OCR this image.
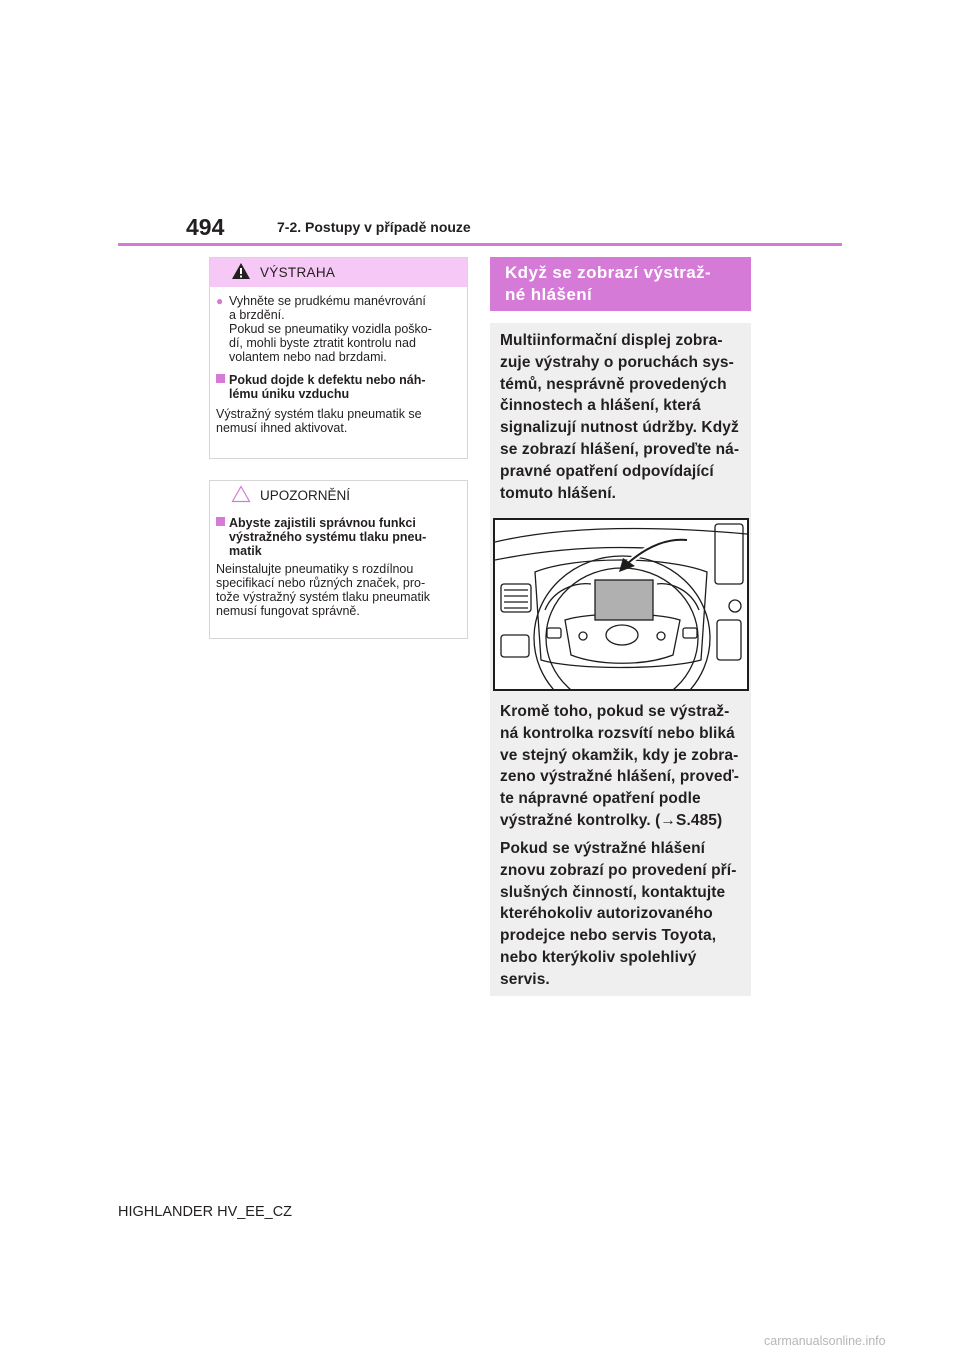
494	7-2. Postupy v případě nouze
VÝSTRAHA
● Vyhněte se prudkému manévrování
a brzdění.
Pokud se pneumatiky vozidla poško-
dí, mohli byste ztratit kontrolu nad
volantem nebo nad brzdami.
Pokud dojde k defektu nebo náh-
lému úniku vzduchu
Výstražný systém tlaku pneumatik se
nemusí ihned aktivovat.
UPOZORNĚNÍ
Abyste zajistili správnou funkci
výstražného systému tlaku pneu-
matik
Neinstalujte pneumatiky s rozdílnou
specifikací nebo různých značek, pro-
tože výstražný systém tlaku pneumatik
nemusí fungovat správně.
Když se zobrazí výstraž-
né hlášení
Multiinformační displej zobra-
zuje výstrahy o poruchách sys-
témů, nesprávně provedených
činnostech a hlášení, která
signalizují nutnost údržby. Když
se zobrazí hlášení, proveďte ná-
pravné opatření odpovídající
tomuto hlášení.
Kromě toho, pokud se výstraž-
ná kontrolka rozsvítí nebo bliká
ve stejný okamžik, kdy je zobra-
zeno výstražné hlášení, proveď-
te nápravné opatření podle
výstražné kontrolky. (→S.485)
Pokud se výstražné hlášení
znovu zobrazí po provedení pří-
slušných činností, kontaktujte
kteréhokoliv autorizovaného
prodejce nebo servis Toyota,
nebo kterýkoliv spolehlivý
servis.
HIGHLANDER HV_EE_CZ
carmanualsonline.info
